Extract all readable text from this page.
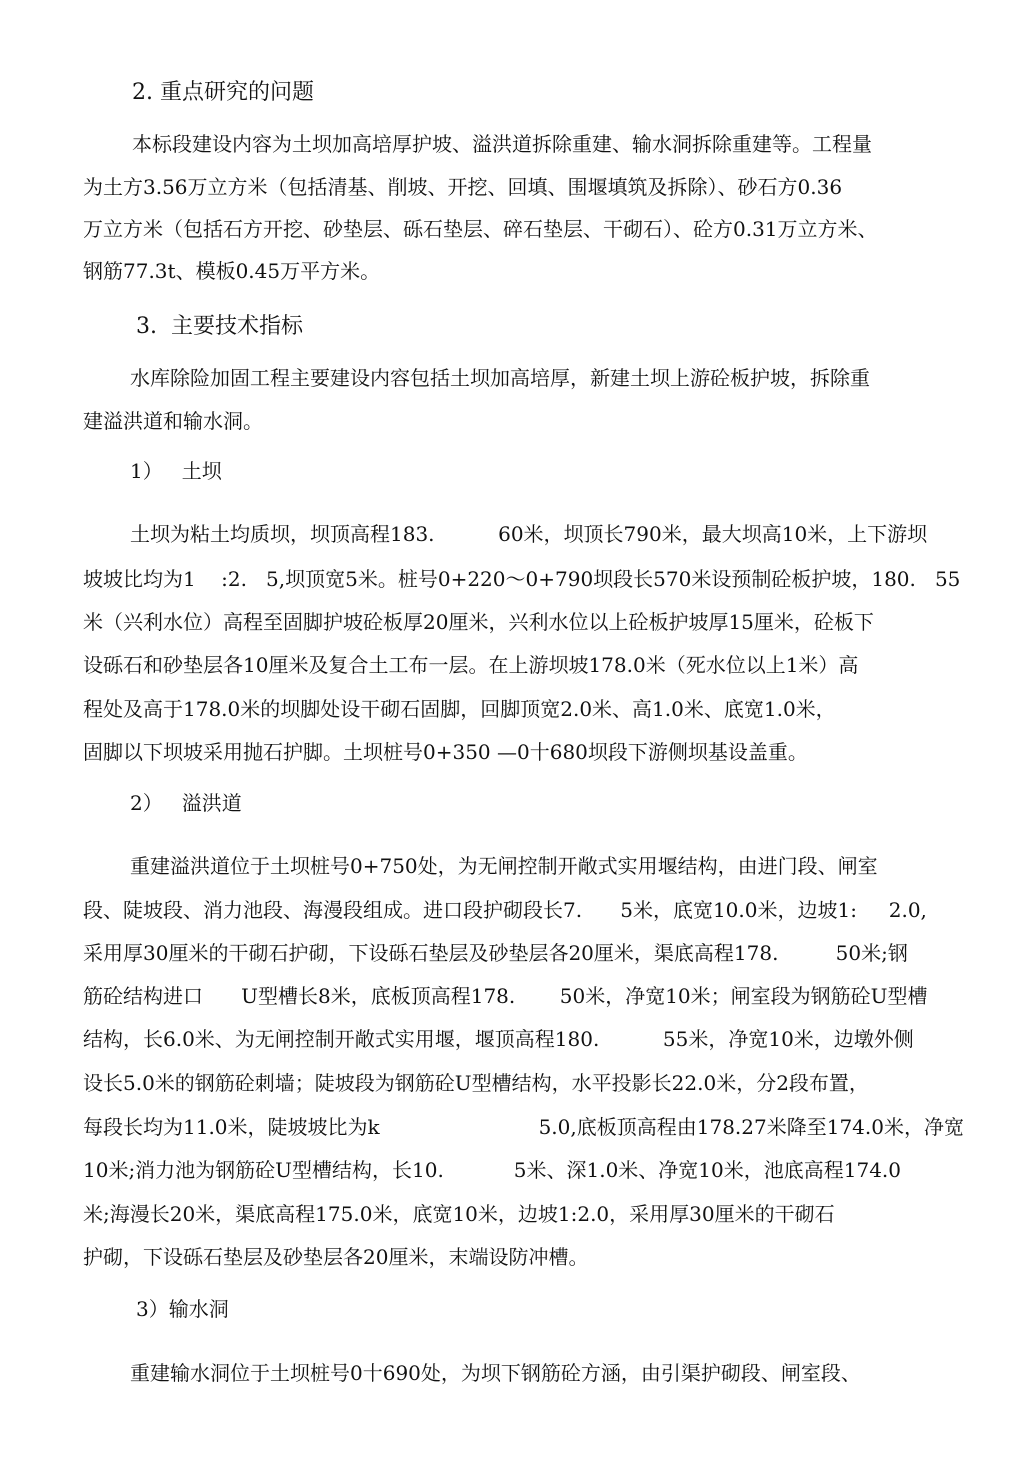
2. 重点研究的问题
本标段建设内容为土坝加高培厚护坡、溢洪道拆除重建、输水洞拆除重建等。工程量
为土方3.56万立方米（包括清基、削坡、开挖、回填、围堰填筑及拆除）、砂石方0.36
万立方米（包括石方开挖、砂垫层、砾石垫层、碎石垫层、干砌石）、砼方0.31万立方米、
钢筋77.3t、模板0.45万平方米。
3.  主要技术指标
水库除险加固工程主要建设内容包括土坝加高培厚，新建土坝上游砼板护坡，拆除重
建溢洪道和输水洞。
1）   土坝
土坝为粘土均质坝，坝顶高程183.          60米，坝顶长790米，最大坝高10米，上下游坝
坡坡比均为1    :2.   5,坝顶宽5米。桩号0+220～0+790坝段长570米设预制砼板护坡，180.   55
米（兴利水位）高程至固脚护坡砼板厚20厘米，兴利水位以上砼板护坡厚15厘米，砼板下
设砾石和砂垫层各10厘米及复合土工布一层。在上游坝坡178.0米（死水位以上1米）高
程处及高于178.0米的坝脚处设干砌石固脚，回脚顶宽2.0米、高1.0米、底宽1.0米，
固脚以下坝坡采用抛石护脚。土坝桩号0+350 —0十680坝段下游侧坝基设盖重。
2）   溢洪道
重建溢洪道位于土坝桩号0+750处，为无闸控制开敞式实用堰结构，由进门段、闸室
段、陡坡段、消力池段、海漫段组成。进口段护砌段长7.      5米，底宽10.0米，边坡1:     2.0,
采用厚30厘米的干砌石护砌，下设砾石垫层及砂垫层各20厘米，渠底高程178.         50米;钢
筋砼结构进口      U型槽长8米，底板顶高程178.       50米，净宽10米；闸室段为钢筋砼U型槽
结构，长6.0米、为无闸控制开敞式实用堰，堰顶高程180.          55米，净宽10米，边墩外侧
设长5.0米的钢筋砼刺墙；陡坡段为钢筋砼U型槽结构，水平投影长22.0米，分2段布置，
每段长均为11.0米，陡坡坡比为k                         5.0,底板顶高程由178.27米降至174.0米，净宽
10米;消力池为钢筋砼U型槽结构，长10.           5米、深1.0米、净宽10米，池底高程174.0
米;海漫长20米，渠底高程175.0米，底宽10米，边坡1:2.0，采用厚30厘米的干砌石
护砌，下设砾石垫层及砂垫层各20厘米，末端设防冲槽。
3）输水洞
重建输水洞位于土坝桩号0十690处，为坝下钢筋砼方涵，由引渠护砌段、闸室段、
